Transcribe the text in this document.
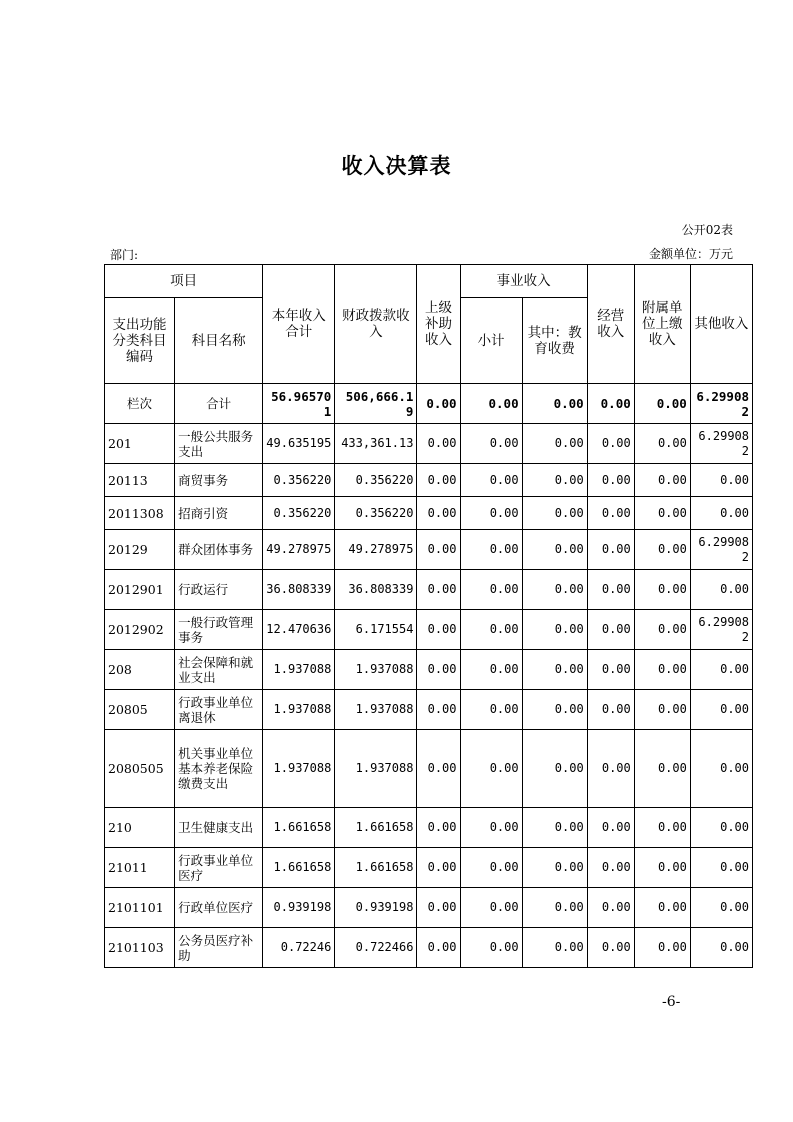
收入决算表
公开02表
部门:	金额单位：万元
项目		本年收入合计	财政拨款收入	上级补助收入	事业收入		经营收入	附属单位上缴收入	其他收入
支出功能分类科目编码	科目名称				小计	其中：教育收费			

栏次	合计	56.965701	506,666.19	0.00	0.00	0.00	0.00	0.00	6.299082
201	一般公共服务支出	49.635195	433,361.13	0.00	0.00	0.00	0.00	0.00	6.299082
20113	商贸事务	0.356220	0.356220	0.00	0.00	0.00	0.00	0.00	0.00
2011308	招商引资	0.356220	0.356220	0.00	0.00	0.00	0.00	0.00	0.00
20129	群众团体事务	49.278975	49.278975	0.00	0.00	0.00	0.00	0.00	6.299082
2012901	行政运行	36.808339	36.808339	0.00	0.00	0.00	0.00	0.00	0.00
2012902	一般行政管理事务	12.470636	6.171554	0.00	0.00	0.00	0.00	0.00	6.299082
208	社会保障和就业支出	1.937088	1.937088	0.00	0.00	0.00	0.00	0.00	0.00
20805	行政事业单位离退休	1.937088	1.937088	0.00	0.00	0.00	0.00	0.00	0.00
2080505	机关事业单位基本养老保险缴费支出	1.937088	1.937088	0.00	0.00	0.00	0.00	0.00	0.00
210	卫生健康支出	1.661658	1.661658	0.00	0.00	0.00	0.00	0.00	0.00
21011	行政事业单位医疗	1.661658	1.661658	0.00	0.00	0.00	0.00	0.00	0.00
2101101	行政单位医疗	0.939198	0.939198	0.00	0.00	0.00	0.00	0.00	0.00
2101103	公务员医疗补助	0.72246	0.722466	0.00	0.00	0.00	0.00	0.00	0.00
-6-
